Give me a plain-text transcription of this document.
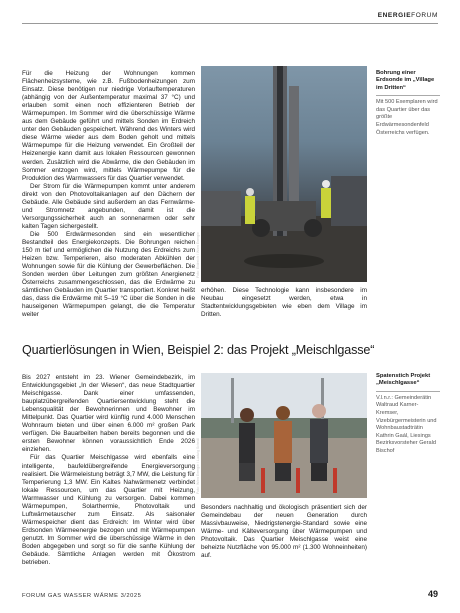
ENERGIEFORUM

Für die Heizung der Wohnungen kommen Flächenheizsysteme, wie z.B. Fußbodenheizungen zum Einsatz. Diese benötigen nur niedrige Vorlauftemperaturen (abhängig von der Außentemperatur maximal 37 °C) und erlauben somit einen noch effizienteren Betrieb der Wärmepumpen. Im Sommer wird die überschüssige Wärme aus dem Gebäude geführt und mittels Sonden im Erdreich unter den Gebäuden gespeichert. Während des Winters wird diese Wärme wieder aus dem Boden geholt und mittels Wärmepumpe für die Heizung verwendet. Ein Großteil der Heizenergie kann damit aus lokalen Ressourcen gewonnen werden. Zusätzlich wird die Abwärme, die den Gebäuden im Sommer entzogen wird, mittels Wärmepumpe für die Produktion des Warmwassers für das Quartier verwendet.

Der Strom für die Wärmepumpen kommt unter anderem direkt von den Photovoltaikanlagen auf den Dächern der Gebäude. Alle Gebäude sind außerdem an das Fernwärme- und Stromnetz angebunden, damit ist die Versorgungssicherheit auch an sonnenarmen oder sehr kalten Tagen sichergestellt.

Die 500 Erdwärmesonden sind ein wesentlicher Bestandteil des Energiekonzepts. Die Bohrungen reichen 150 m tief und ermöglichen die Nutzung des Erdreichs zum Heizen bzw. Temperieren, also moderaten Abkühlen der Wohnungen sowie für die Kühlung der Gewerbeflächen. Die Sonden werden über Leitungen zum größten Anergienetz Österreichs zusammengeschlossen, das die Erdwärme zu sämtlichen Gebäuden im Quartier transportiert. Konkret heißt das, dass die Erdwärme mit 5–19 °C über die Sonden in die hauseigenen Wärmepumpen gelangt, die die Temperatur weiter

Foto: Erdreich / Wien Energie
Bohrung einer Erdsonde im „Village im Dritten“
Mit 500 Exemplaren wird das Quartier über das größte Erdwärmesondenfeld Österreichs verfügen.

erhöhen. Diese Technologie kann insbesondere im Neubau eingesetzt werden, etwa in Stadtentwicklungsgebieten wie eben dem Village im Dritten.

Quartierlösungen in Wien, Beispiel 2: das Projekt „Meischlgasse“

Bis 2027 entsteht im 23. Wiener Gemeindebezirk, im Entwicklungsgebiet „In der Wiesen“, das neue Stadtquartier Meischlgasse. Dank einer umfassenden, bauplatzübergreifenden Quartiersentwicklung steht die Lebensqualität der Bewohnerinnen und Bewohner im Mittelpunkt. Das Quartier wird künftig rund 4.000 Menschen Wohnraum bieten und über einen 6.000 m² großen Park verfügen. Die Bauarbeiten haben bereits begonnen und die ersten Bewohner können voraussichtlich Ende 2026 einziehen.

Für das Quartier Meischlgasse wird ebenfalls eine intelligente, baufeldübergreifende Energieversorgung realisiert. Die Wärmeleistung beträgt 3,7 MW, die Leistung für Temperierung 1,3 MW. Ein Kaltes Nahwärmenetz verbindet lokale Ressourcen, um das Quartier mit Heizung, Warmwasser und Kühlung zu versorgen. Dabei kommen Wärmepumpen, Solarthermie, Photovoltaik und Luftwärmetauscher zum Einsatz. Als saisonaler Wärmespeicher dient das Erdreich: Im Winter wird über Erdsonden Wärmeenergie bezogen und mit Wärmepumpen genutzt. Im Sommer wird die überschüssige Wärme in den Boden abgegeben und sorgt so für die sanfte Kühlung der Gebäude. Sämtliche Anlagen werden mit Ökostrom betrieben.

Foto: Wien Energie / Ludwig Schedl
Spatenstich Projekt „Meischlgasse“
V.l.n.r.: Gemeinderätin Waltraud Karner-Kremser, Vizebürgermeisterin und Wohnbaustadträtin Kathrin Gaál, Liesings Bezirksvorsteher Gerald Bischof

Besonders nachhaltig und ökologisch präsentiert sich der Gemeindebau der neuen Generation durch Massivbauweise, Niedrigstenergie-Standard sowie eine Wärme- und Kälteversorgung über Wärmepumpen und Photovoltaik. Das Quartier Meischlgasse weist eine beheizte Nutzfläche von 95.000 m² (1.300 Wohneinheiten) auf.

FORUM GAS WASSER WÄRME 3/2025	49
